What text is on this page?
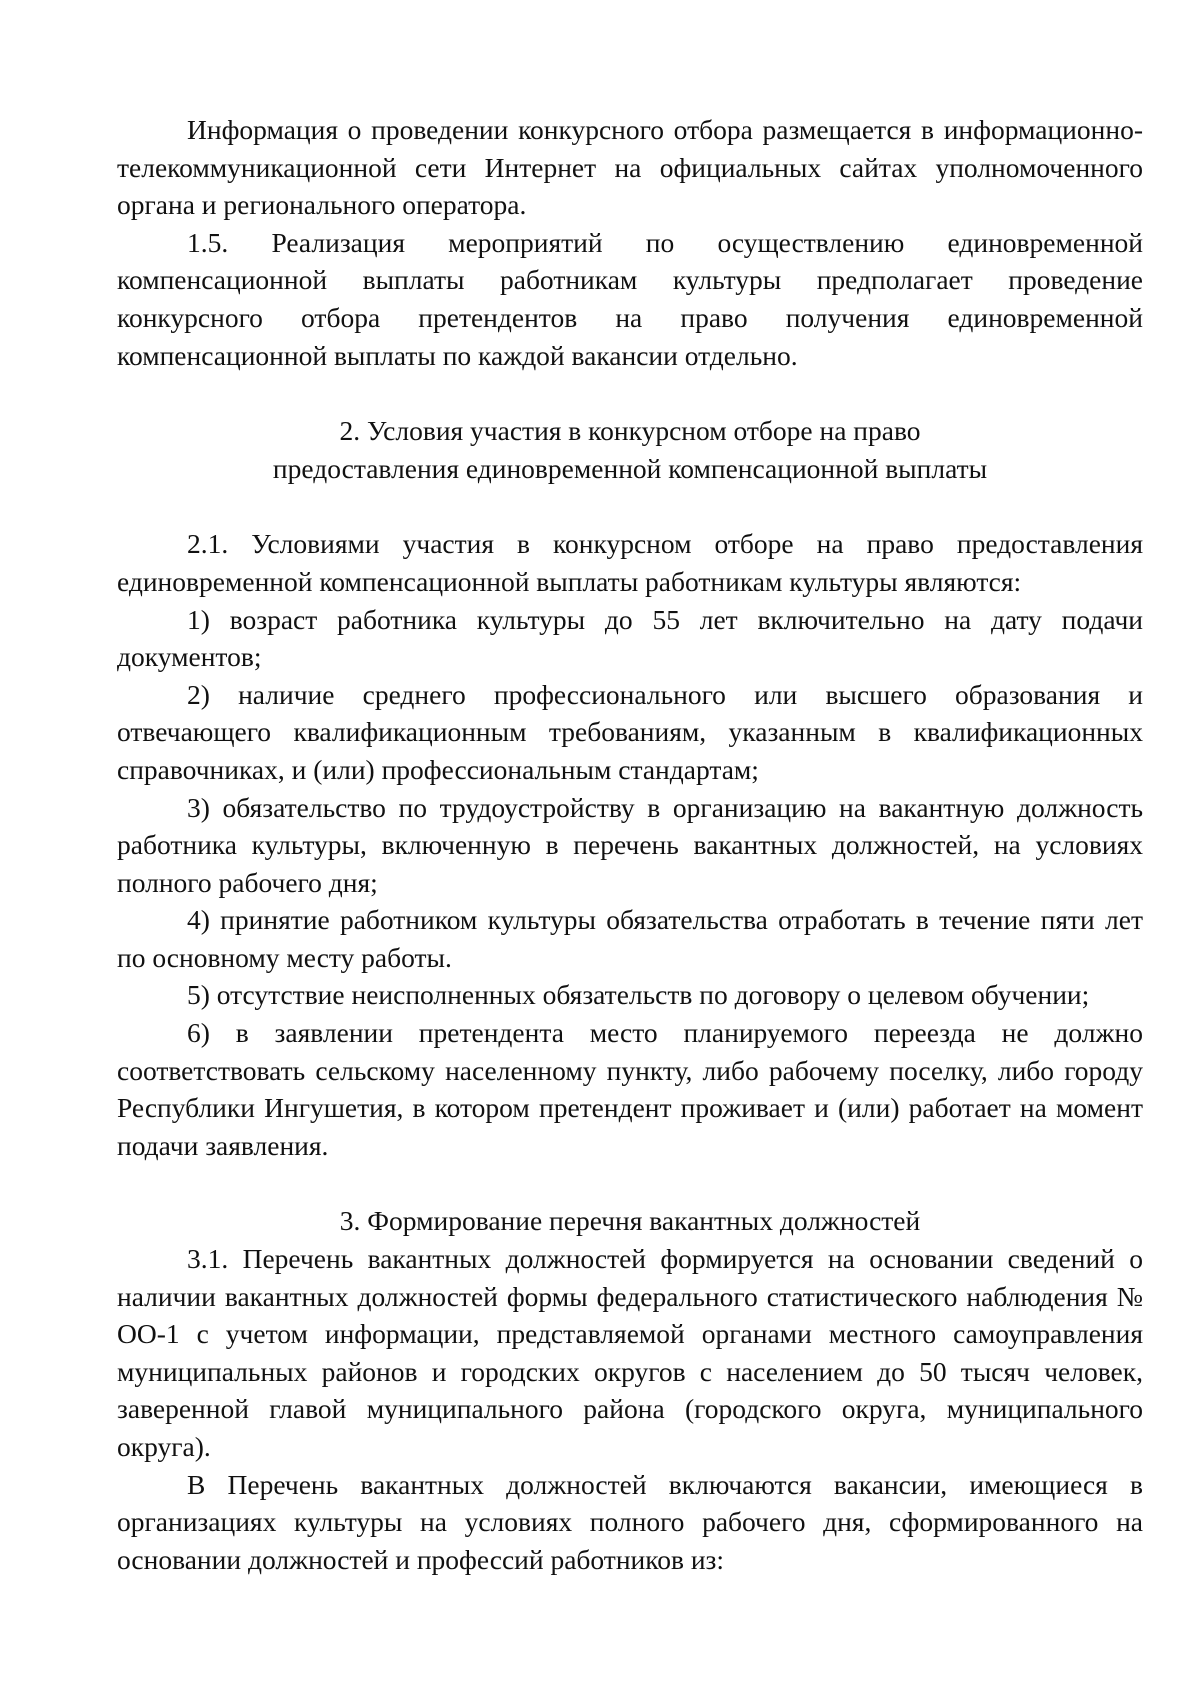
Информация о проведении конкурсного отбора размещается в информационно-телекоммуникационной сети Интернет на официальных сайтах уполномоченного органа и регионального оператора.

1.5. Реализация мероприятий по осуществлению единовременной компенсационной выплаты работникам культуры предполагает проведение конкурсного отбора претендентов на право получения единовременной компенсационной выплаты по каждой вакансии отдельно.

2. Условия участия в конкурсном отборе на право

предоставления единовременной компенсационной выплаты

2.1. Условиями участия в конкурсном отборе на право предоставления единовременной компенсационной выплаты работникам культуры являются:

1) возраст работника культуры до 55 лет включительно на дату подачи документов;

2) наличие среднего профессионального или высшего образования и отвечающего квалификационным требованиям, указанным в квалификационных справочниках, и (или) профессиональным стандартам;

3) обязательство по трудоустройству в организацию на вакантную должность работника культуры, включенную в перечень вакантных должностей, на условиях полного рабочего дня;

4) принятие работником культуры обязательства отработать в течение пяти лет по основному месту работы.

5) отсутствие неисполненных обязательств по договору о целевом обучении;

6) в заявлении претендента место планируемого переезда не должно соответствовать сельскому населенному пункту, либо рабочему поселку, либо городу Республики Ингушетия, в котором претендент проживает и (или) работает на момент подачи заявления.

3. Формирование перечня вакантных должностей

3.1. Перечень вакантных должностей формируется на основании сведений о наличии вакантных должностей формы федерального статистического наблюдения № ОО-1 с учетом информации, представляемой органами местного самоуправления муниципальных районов и городских округов с населением до 50 тысяч человек, заверенной главой муниципального района (городского округа, муниципального округа).

В Перечень вакантных должностей включаются вакансии, имеющиеся в организациях культуры на условиях полного рабочего дня, сформированного на основании должностей и профессий работников из:
